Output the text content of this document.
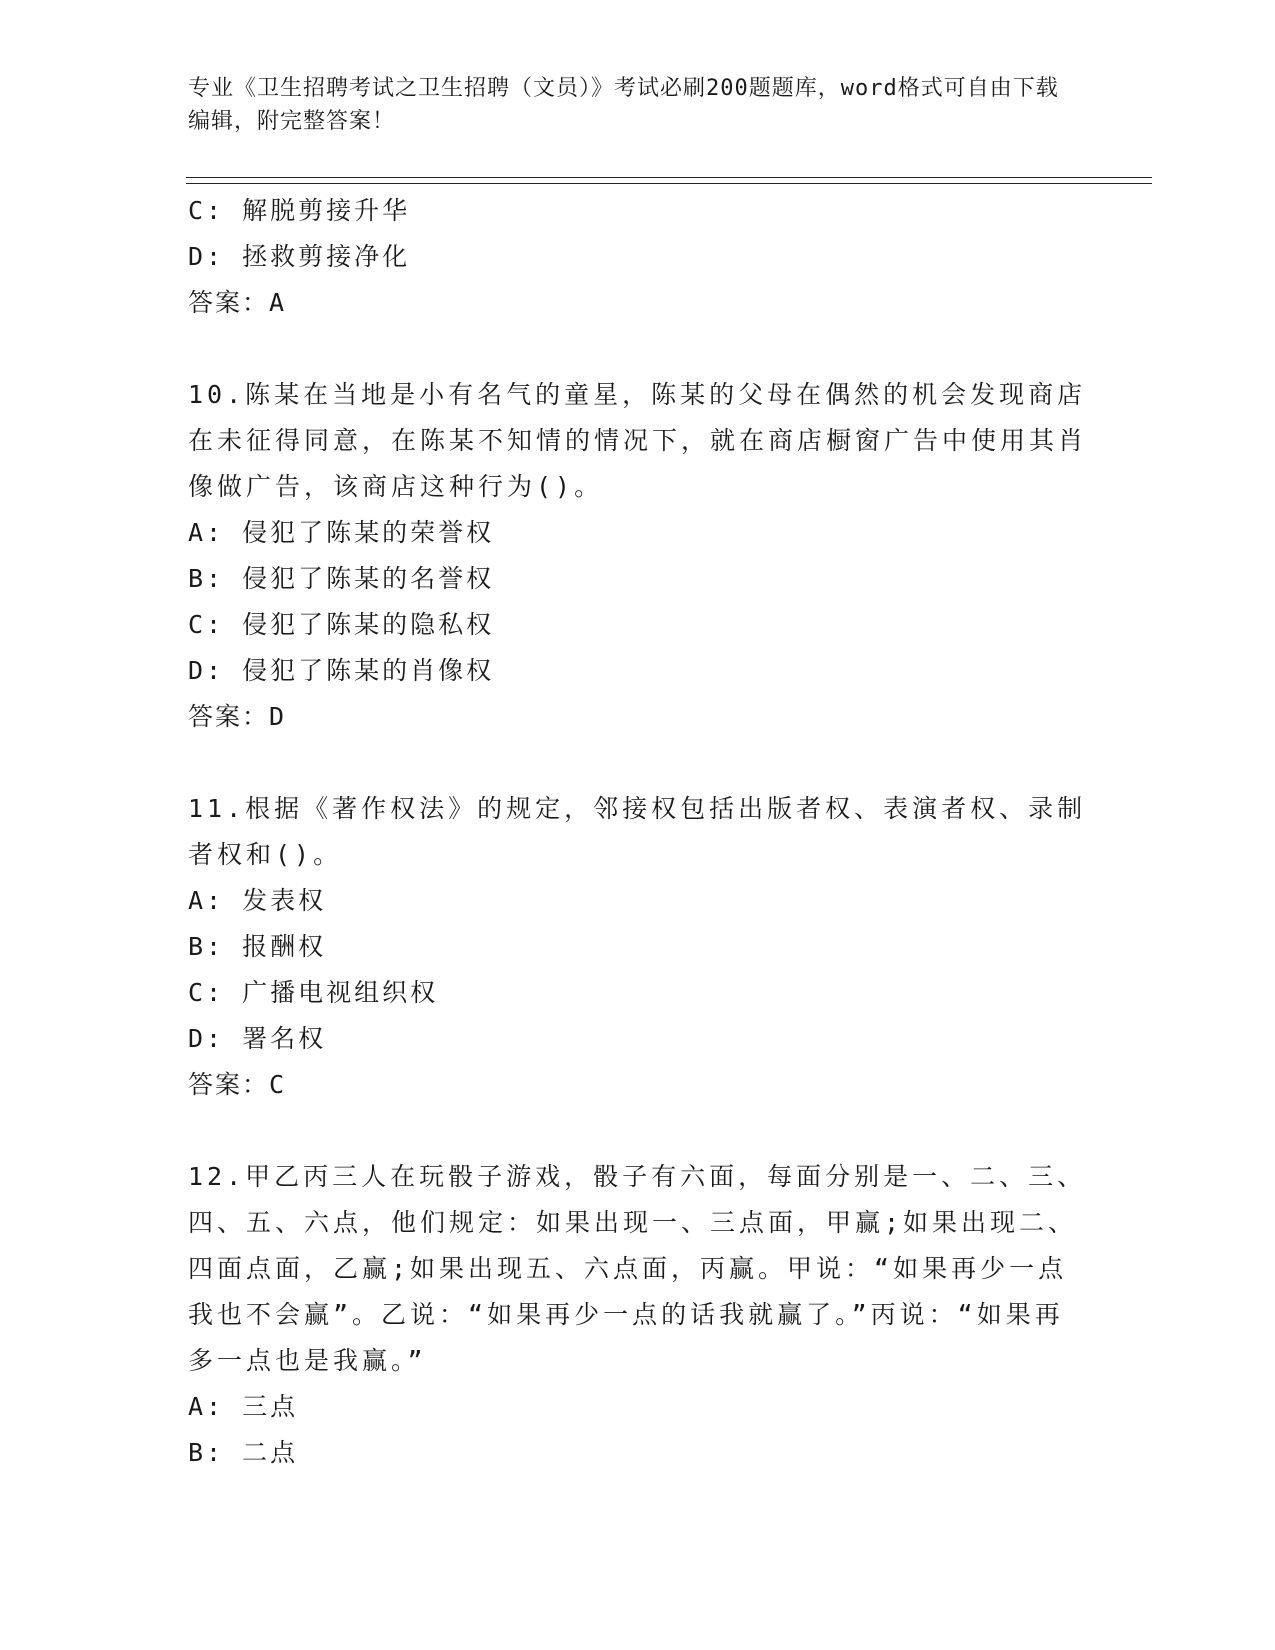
专业《卫生招聘考试之卫生招聘（文员）》考试必刷200题题库，word格式可自由下载编辑，附完整答案！
C: 解脱剪接升华
D: 拯救剪接净化
答案：A
10.陈某在当地是小有名气的童星，陈某的父母在偶然的机会发现商店在未征得同意，在陈某不知情的情况下，就在商店橱窗广告中使用其肖像做广告，该商店这种行为()。
A: 侵犯了陈某的荣誉权
B: 侵犯了陈某的名誉权
C: 侵犯了陈某的隐私权
D: 侵犯了陈某的肖像权
答案：D
11.根据《著作权法》的规定，邻接权包括出版者权、表演者权、录制者权和()。
A: 发表权
B: 报酬权
C: 广播电视组织权
D: 署名权
答案：C
12.甲乙丙三人在玩骰子游戏，骰子有六面，每面分别是一、二、三、四、五、六点，他们规定：如果出现一、三点面，甲赢;如果出现二、四面点面，乙赢;如果出现五、六点面，丙赢。甲说：“如果再少一点我也不会赢”。乙说：“如果再少一点的话我就赢了。”丙说：“如果再多一点也是我赢。”
A: 三点
B: 二点
